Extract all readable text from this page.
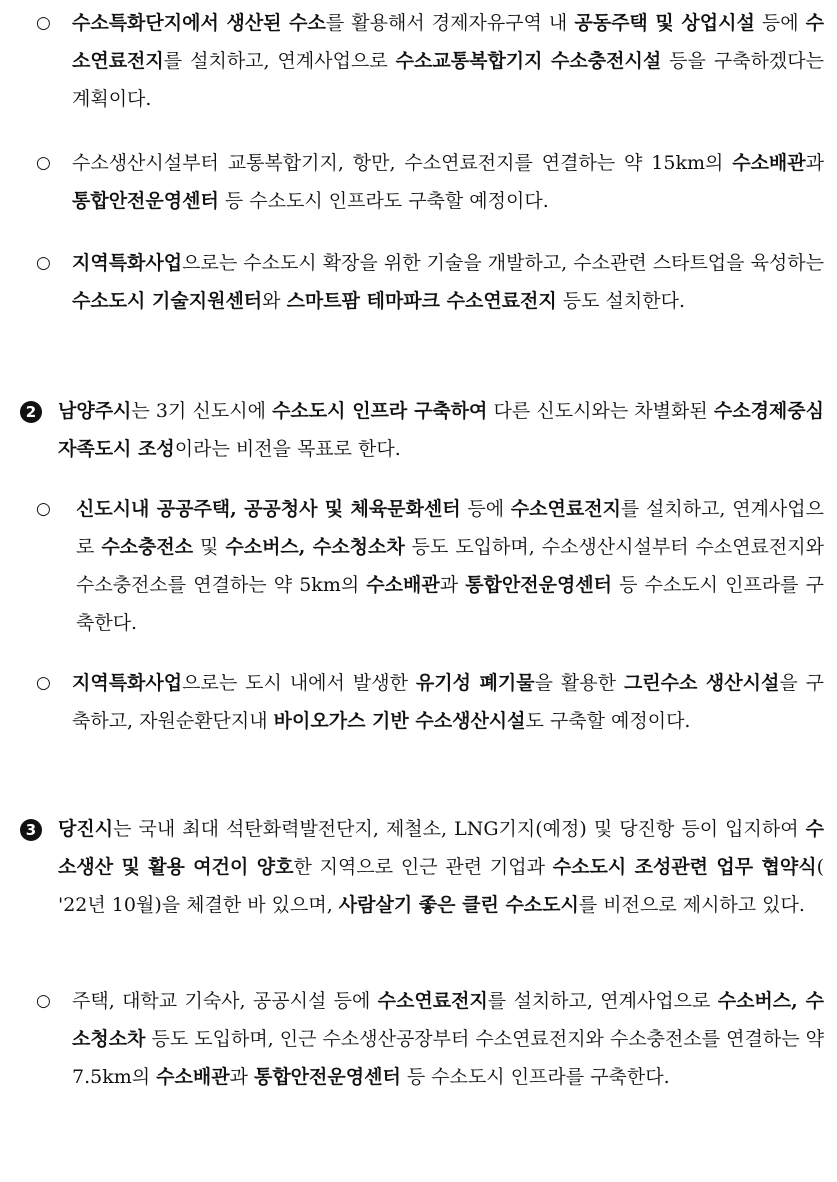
○ 수소특화단지에서 생산된 수소를 활용해서 경제자유구역 내 공동주택 및 상업시설 등에 수소연료전지를 설치하고, 연계사업으로 수소교통복합기지 수소충전시설 등을 구축하겠다는 계획이다.
○ 수소생산시설부터 교통복합기지, 항만, 수소연료전지를 연결하는 약 15km의 수소배관과 통합안전운영센터 등 수소도시 인프라도 구축할 예정이다.
○ 지역특화사업으로는 수소도시 확장을 위한 기술을 개발하고, 수소관련 스타트업을 육성하는 수소도시 기술지원센터와 스마트팜 테마파크 수소연료전지 등도 설치한다.
2	남양주시는 3기 신도시에 수소도시 인프라 구축하여 다른 신도시와는 차별화된 수소경제중심 자족도시 조성이라는 비전을 목표로 한다.
○ 신도시내 공공주택, 공공청사 및 체육문화센터 등에 수소연료전지를 설치하고, 연계사업으로 수소충전소 및 수소버스, 수소청소차 등도 도입하며, 수소생산시설부터 수소연료전지와 수소충전소를 연결하는 약 5km의 수소배관과 통합안전운영센터 등 수소도시 인프라를 구축한다.
○ 지역특화사업으로는 도시 내에서 발생한 유기성 폐기물을 활용한 그린수소 생산시설을 구축하고, 자원순환단지내 바이오가스 기반 수소생산시설도 구축할 예정이다.
3	당진시는 국내 최대 석탄화력발전단지, 제철소, LNG기지(예정) 및 당진항 등이 입지하여 수소생산 및 활용 여건이 양호한 지역으로 인근 관련 기업과 수소도시 조성관련 업무 협약식( '22년 10월)을 체결한 바 있으며, 사람살기 좋은 클린 수소도시를 비전으로 제시하고 있다.
○ 주택, 대학교 기숙사, 공공시설 등에 수소연료전지를 설치하고, 연계사업으로 수소버스, 수소청소차 등도 도입하며, 인근 수소생산공장부터 수소연료전지와 수소충전소를 연결하는 약 7.5km의 수소배관과 통합안전운영센터 등 수소도시 인프라를 구축한다.
